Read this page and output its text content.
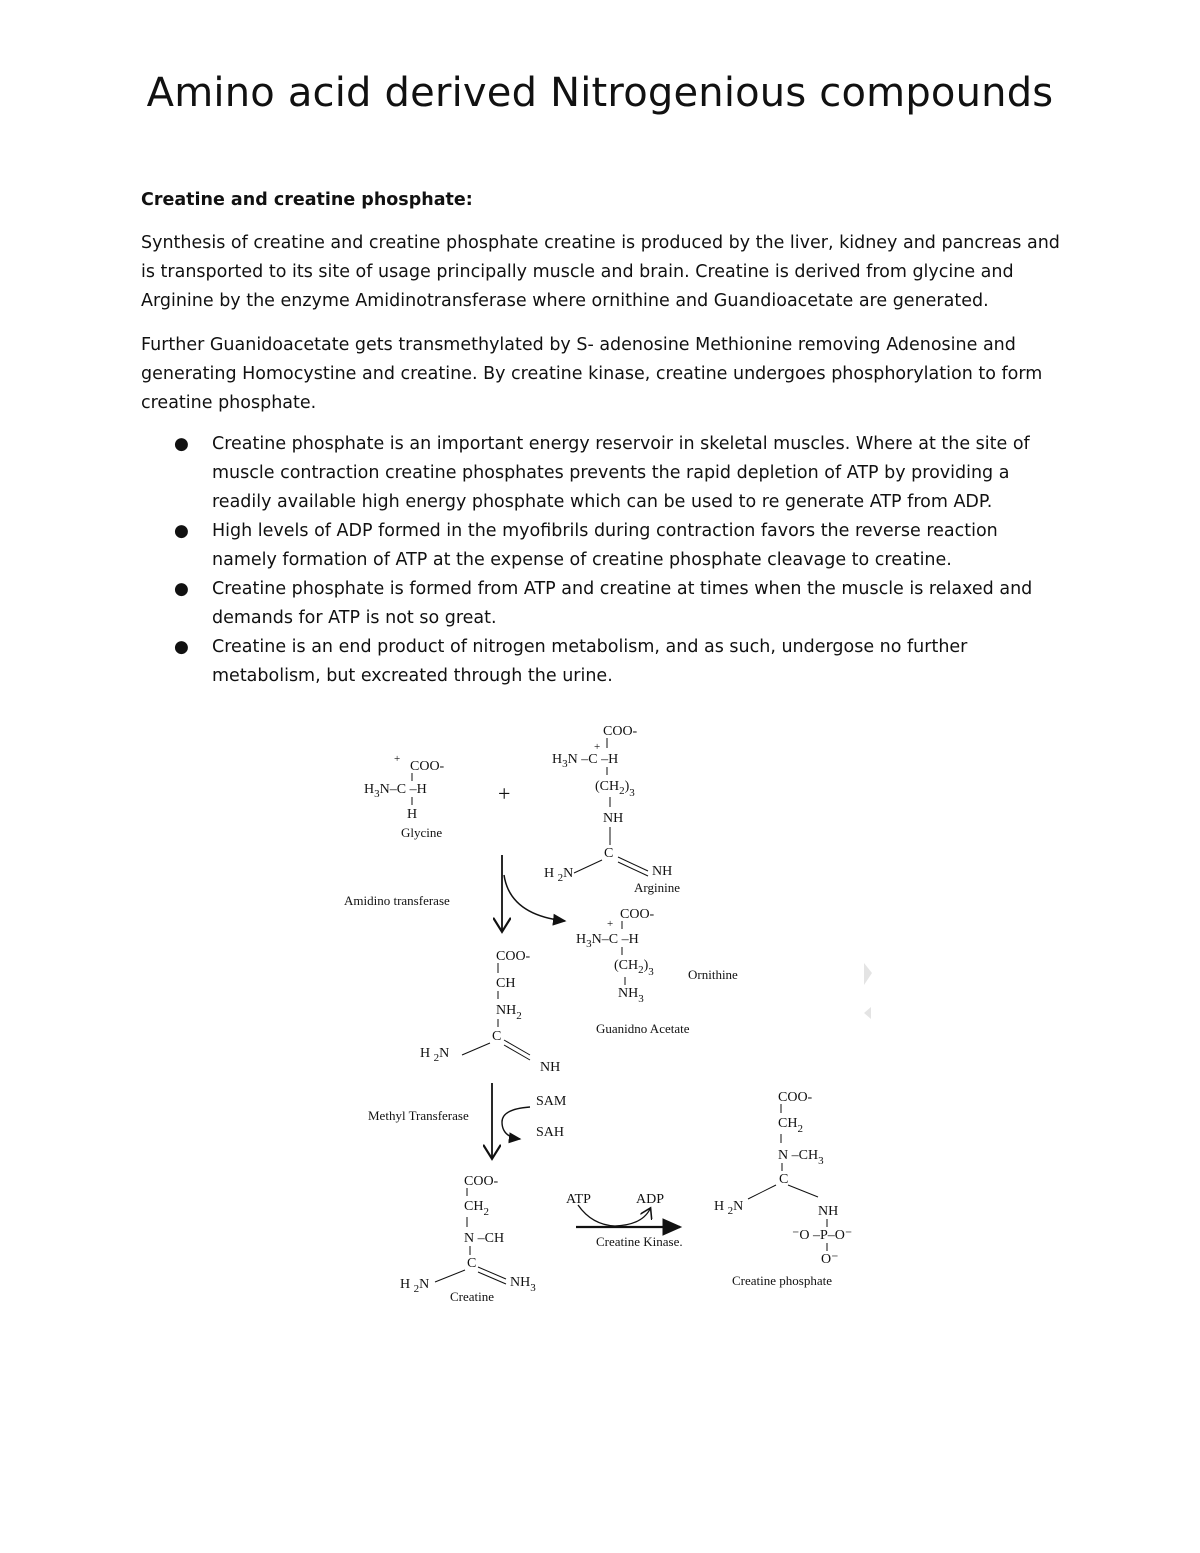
Amino acid derived Nitrogenious compounds
Creatine and creatine phosphate:
Synthesis of creatine and creatine phosphate creatine is produced by the liver, kidney and pancreas and is transported to its site of usage principally muscle and brain. Creatine is derived from glycine and Arginine by the enzyme Amidinotransferase where ornithine and Guandioacetate are generated.
Further Guanidoacetate gets transmethylated by S- adenosine Methionine removing Adenosine and generating Homocystine and creatine. By creatine kinase, creatine undergoes phosphorylation to form creatine phosphate.
● Creatine phosphate is an important energy reservoir in skeletal muscles. Where at the site of muscle contraction creatine phosphates prevents the rapid depletion of ATP by providing a readily available high energy phosphate which can be used to re generate ATP from ADP.
● High levels of ADP formed in the myofibrils during contraction favors the reverse reaction namely formation of ATP at the expense of creatine phosphate cleavage to creatine.
● Creatine phosphate is formed from ATP and creatine at times when the muscle is relaxed and demands for ATP is not so great.
● Creatine is an end product of nitrogen metabolism, and as such, undergose no further metabolism, but excreated through the urine.
+ COO-
$H_3N-C$ –H
H
Glycine
+
COO-
+
$H_3N$ –C –H
$(CH_2)_3$
NH
C
H $_2$N	NH
Arginine
Amidino transferase
COO-
+
$H_3N-C$ –H
$(CH_2)_3$
$NH_3$
Ornithine
COO-
CH
$NH_2$
C
H $_2$N
NH
Guanidno Acetate
SAM
SAH
Methyl Transferase
COO-
$CH_2$
N –CH
C
H $_2$N	$NH_3$
Creatine
ATP	ADP
Creatine Kinase.
COO-
$CH_2$
N $-CH_3$
C
H $_2$N	NH
⁻O –P–O⁻
O⁻
Creatine phosphate
